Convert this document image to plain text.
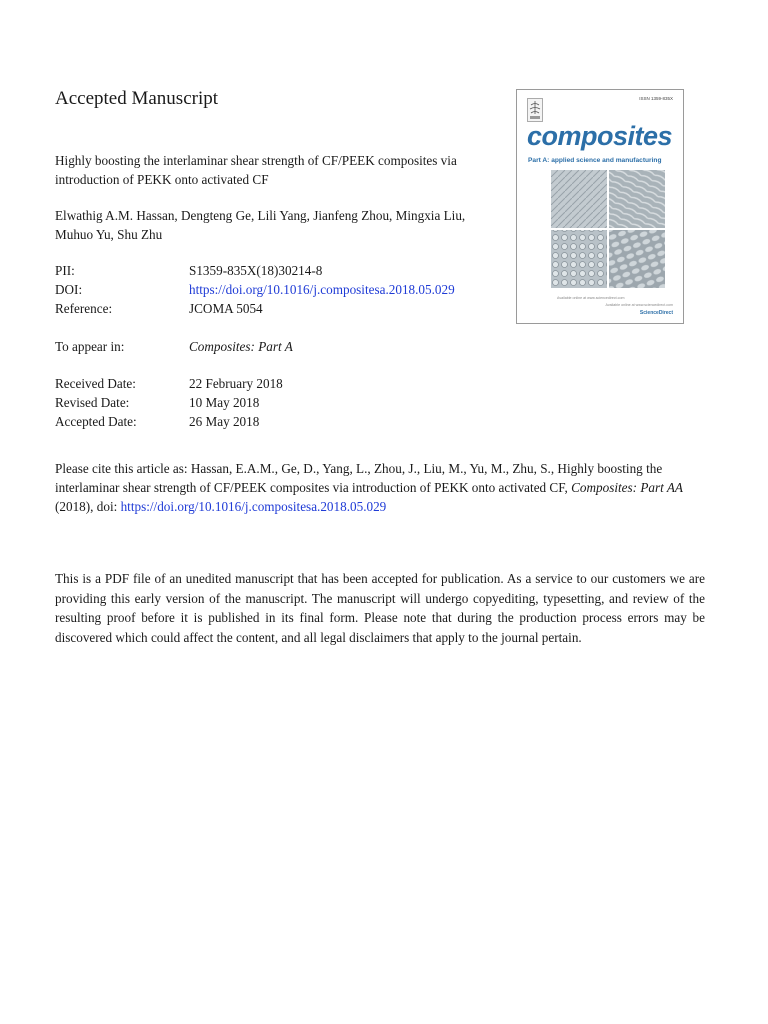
Accepted Manuscript
Highly boosting the interlaminar shear strength of CF/PEEK composites via introduction of PEKK onto activated CF
Elwathig A.M. Hassan, Dengteng Ge, Lili Yang, Jianfeng Zhou, Mingxia Liu, Muhuo Yu, Shu Zhu
PII:	S1359-835X(18)30214-8
DOI:	https://doi.org/10.1016/j.compositesa.2018.05.029
Reference:	JCOMA 5054
To appear in:	Composites: Part A
Received Date:	22 February 2018
Revised Date:	10 May 2018
Accepted Date:	26 May 2018
Please cite this article as: Hassan, E.A.M., Ge, D., Yang, L., Zhou, J., Liu, M., Yu, M., Zhu, S., Highly boosting the interlaminar shear strength of CF/PEEK composites via introduction of PEKK onto activated CF, Composites: Part AA (2018), doi: https://doi.org/10.1016/j.compositesa.2018.05.029
This is a PDF file of an unedited manuscript that has been accepted for publication. As a service to our customers we are providing this early version of the manuscript. The manuscript will undergo copyediting, typesetting, and review of the resulting proof before it is published in its final form. Please note that during the production process errors may be discovered which could affect the content, and all legal disclaimers that apply to the journal pertain.
ISSN 1359-835X
composites
Part A: applied science and manufacturing
Available online at www.sciencedirect.com
Available online at www.sciencedirect.com
ScienceDirect
